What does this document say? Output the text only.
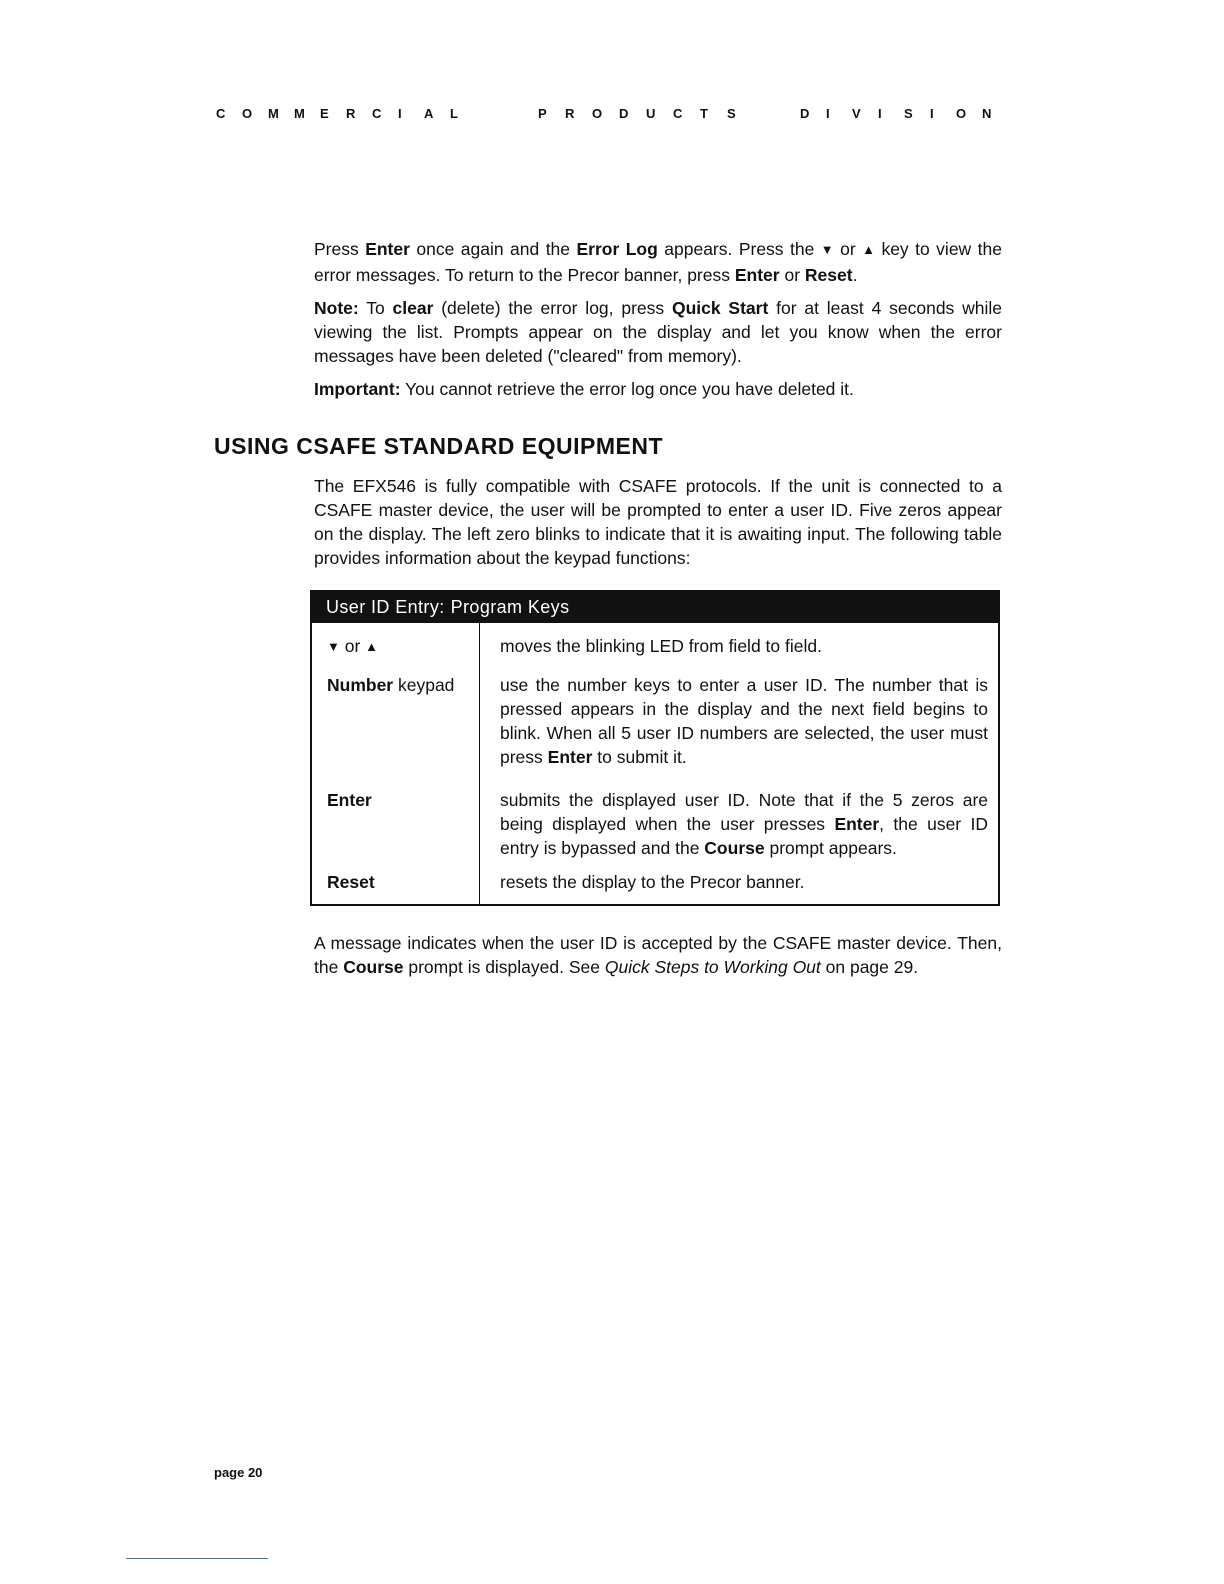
C O M M E R C I A L	P R O D U C T S	D I V I S I O N

Press Enter once again and the Error Log appears. Press the ▼ or ▲ key to view the error messages. To return to the Precor banner, press Enter or Reset.

Note: To clear (delete) the error log, press Quick Start for at least 4 seconds while viewing the list. Prompts appear on the display and let you know when the error messages have been deleted ("cleared" from memory).

Important: You cannot retrieve the error log once you have deleted it.

USING CSAFE STANDARD EQUIPMENT

The EFX546 is fully compatible with CSAFE protocols. If the unit is connected to a CSAFE master device, the user will be prompted to enter a user ID. Five zeros appear on the display. The left zero blinks to indicate that it is awaiting input. The following table provides information about the keypad functions:

User ID Entry: Program Keys
▼ or ▲	moves the blinking LED from field to field.
Number keypad	use the number keys to enter a user ID. The number that is pressed appears in the display and the next field begins to blink. When all 5 user ID numbers are selected, the user must press Enter to submit it.
Enter	submits the displayed user ID. Note that if the 5 zeros are being displayed when the user presses Enter, the user ID entry is bypassed and the Course prompt appears.
Reset	resets the display to the Precor banner.

A message indicates when the user ID is accepted by the CSAFE master device. Then, the Course prompt is displayed. See Quick Steps to Working Out on page 29.

page 20
